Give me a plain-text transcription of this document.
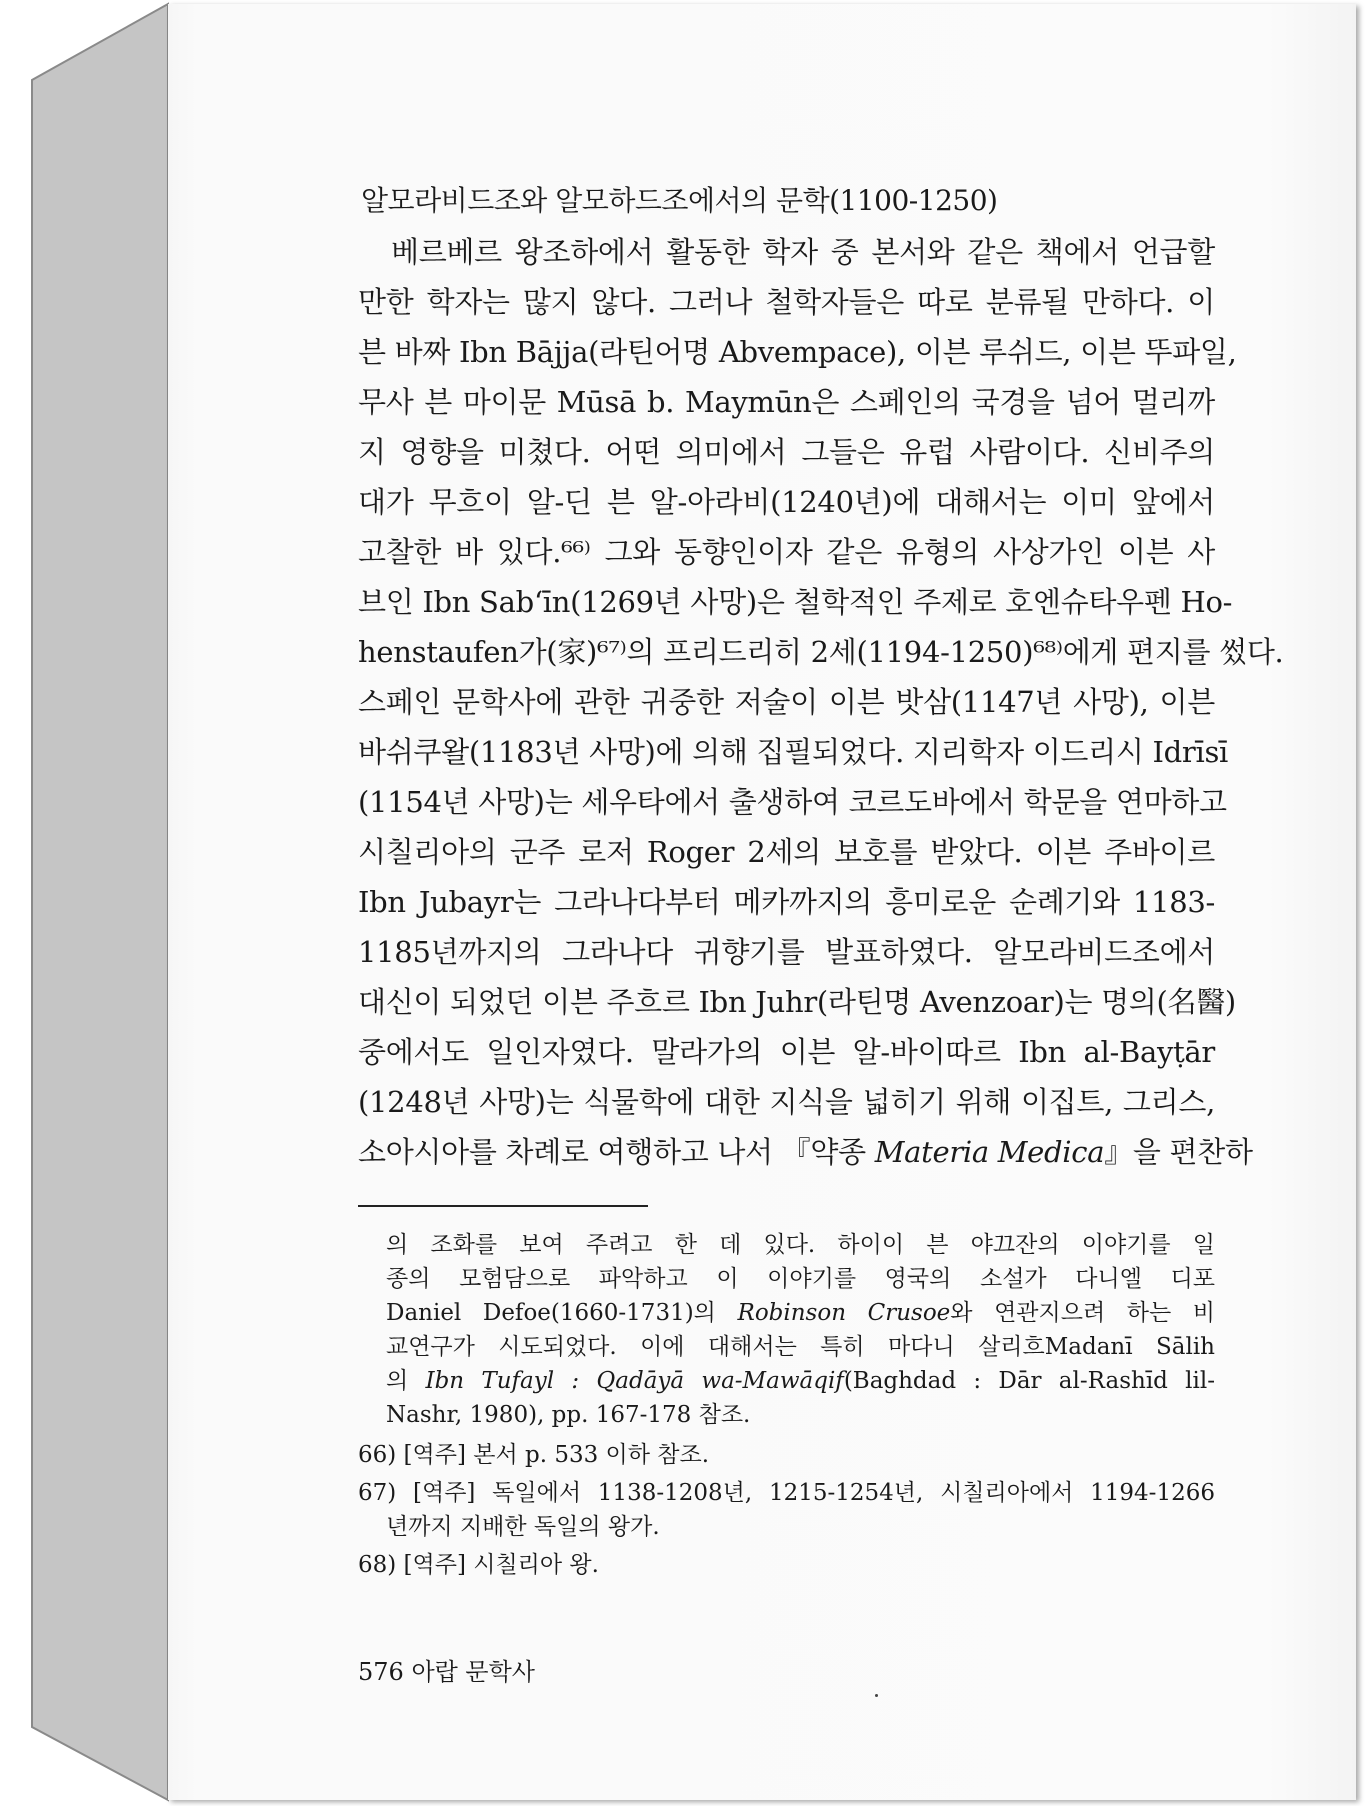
알모라비드조와 알모하드조에서의 문학(1100-1250)
베르베르 왕조하에서 활동한 학자 중 본서와 같은 책에서 언급할
만한 학자는 많지 않다. 그러나 철학자들은 따로 분류될 만하다. 이
븐 바짜 Ibn Bājja(라틴어명 Abvempace), 이븐 루쉬드, 이븐 뚜파일,
무사 븐 마이문 Mūsā b. Maymūn은 스페인의 국경을 넘어 멀리까
지 영향을 미쳤다. 어떤 의미에서 그들은 유럽 사람이다. 신비주의
대가 무흐이 알-딘 븐 알-아라비(1240년)에 대해서는 이미 앞에서
고찰한 바 있다.⁶⁶⁾ 그와 동향인이자 같은 유형의 사상가인 이븐 사
브인 Ibn Sab‘īn(1269년 사망)은 철학적인 주제로 호엔슈타우펜 Ho-
henstaufen가(家)⁶⁷⁾의 프리드리히 2세(1194-1250)⁶⁸⁾에게 편지를 썼다.
스페인 문학사에 관한 귀중한 저술이 이븐 밧삼(1147년 사망), 이븐
바쉬쿠왈(1183년 사망)에 의해 집필되었다. 지리학자 이드리시 Idrīsī
(1154년 사망)는 세우타에서 출생하여 코르도바에서 학문을 연마하고
시칠리아의 군주 로저 Roger 2세의 보호를 받았다. 이븐 주바이르
Ibn Jubayr는 그라나다부터 메카까지의 흥미로운 순례기와 1183-
1185년까지의 그라나다 귀향기를 발표하였다. 알모라비드조에서
대신이 되었던 이븐 주흐르 Ibn Juhr(라틴명 Avenzoar)는 명의(名醫)
중에서도 일인자였다. 말라가의 이븐 알-바이따르 Ibn al-Bayṭār
(1248년 사망)는 식물학에 대한 지식을 넓히기 위해 이집트, 그리스,
소아시아를 차례로 여행하고 나서 『약종 Materia Medica』을 편찬하
의 조화를 보여 주려고 한 데 있다. 하이이 븐 야끄잔의 이야기를 일
종의 모험담으로 파악하고 이 이야기를 영국의 소설가 다니엘 디포
Daniel Defoe(1660-1731)의 Robinson Crusoe와 연관지으려 하는 비
교연구가 시도되었다. 이에 대해서는 특히 마다니 살리흐Madanī Sālih
의 Ibn Tufayl : Qadāyā wa-Mawāqif(Baghdad : Dār al-Rashīd lil-
Nashr, 1980), pp. 167-178 참조.
66) [역주] 본서 p. 533 이하 참조.
67) [역주] 독일에서 1138-1208년, 1215-1254년, 시칠리아에서 1194-1266
년까지 지배한 독일의 왕가.
68) [역주] 시칠리아 왕.
576 아랍 문학사
